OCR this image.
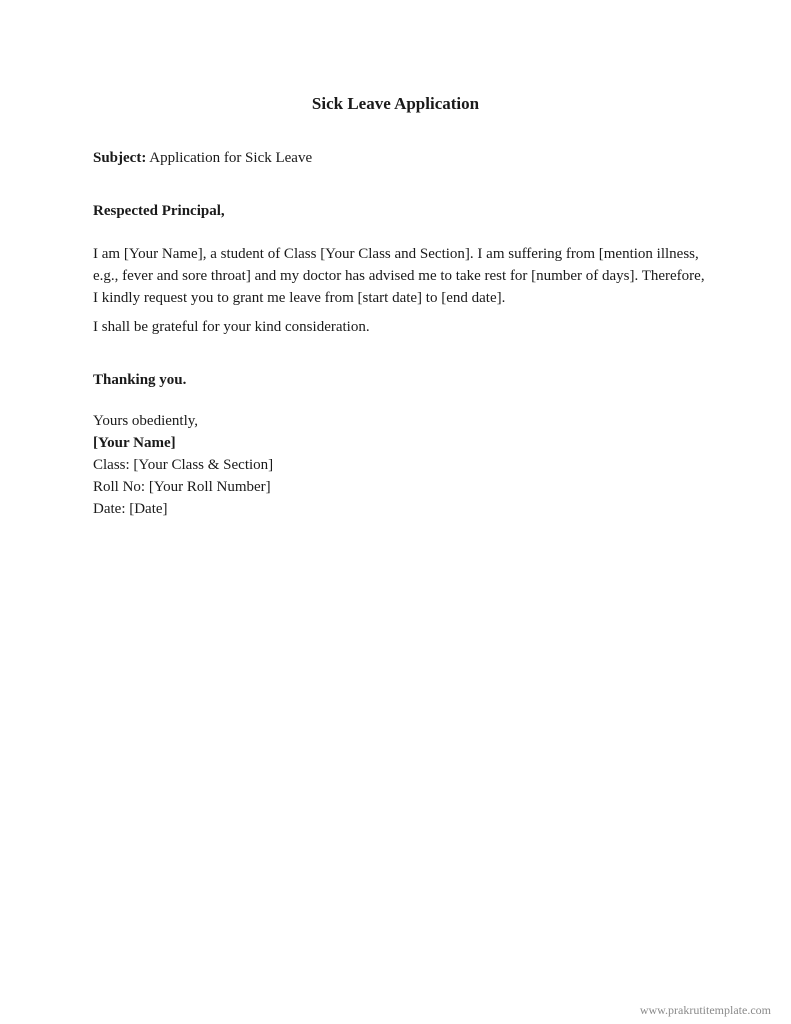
Sick Leave Application

Subject: Application for Sick Leave

Respected Principal,

I am [Your Name], a student of Class [Your Class and Section]. I am suffering from [mention illness, e.g., fever and sore throat] and my doctor has advised me to take rest for [number of days]. Therefore, I kindly request you to grant me leave from [start date] to [end date].

I shall be grateful for your kind consideration.

Thanking you.

Yours obediently,

[Your Name]

Class: [Your Class & Section]

Roll No: [Your Roll Number]

Date: [Date]

www.prakrutitemplate.com
